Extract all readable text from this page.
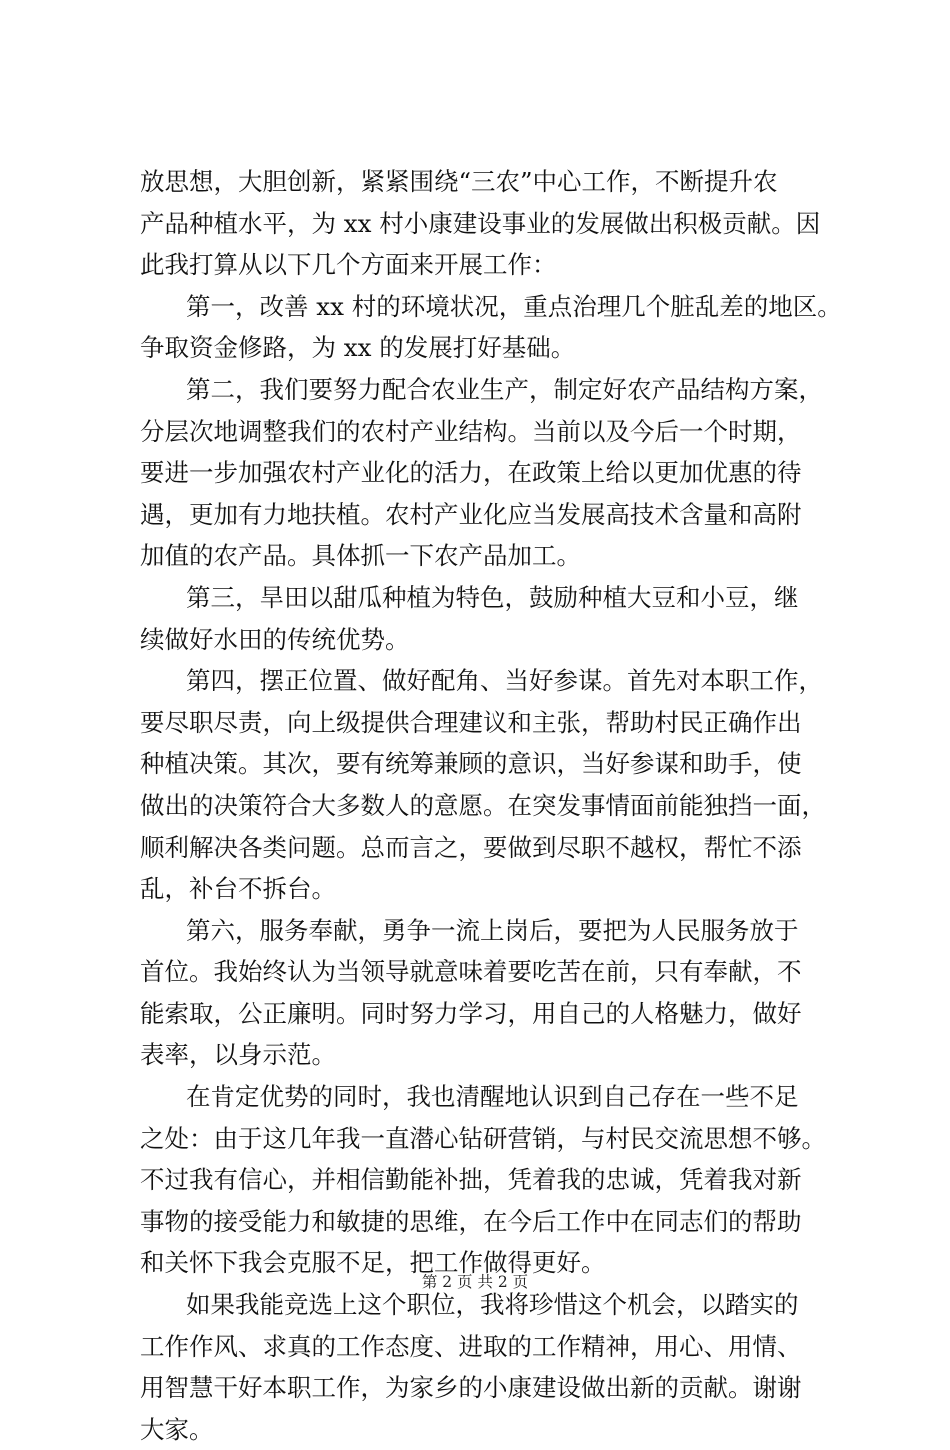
放思想，大胆创新，紧紧围绕“三农”中心工作，不断提升农
产品种植水平，为 xx 村小康建设事业的发展做出积极贡献。因
此我打算从以下几个方面来开展工作：
第一，改善 xx 村的环境状况，重点治理几个脏乱差的地区。
争取资金修路，为 xx 的发展打好基础。
第二，我们要努力配合农业生产，制定好农产品结构方案，
分层次地调整我们的农村产业结构。当前以及今后一个时期，
要进一步加强农村产业化的活力，在政策上给以更加优惠的待
遇，更加有力地扶植。农村产业化应当发展高技术含量和高附
加值的农产品。具体抓一下农产品加工。
第三，旱田以甜瓜种植为特色，鼓励种植大豆和小豆，继
续做好水田的传统优势。
第四，摆正位置、做好配角、当好参谋。首先对本职工作，
要尽职尽责，向上级提供合理建议和主张，帮助村民正确作出
种植决策。其次，要有统筹兼顾的意识，当好参谋和助手，使
做出的决策符合大多数人的意愿。在突发事情面前能独挡一面，
顺利解决各类问题。总而言之，要做到尽职不越权，帮忙不添
乱，补台不拆台。
第六，服务奉献，勇争一流上岗后，要把为人民服务放于
首位。我始终认为当领导就意味着要吃苦在前，只有奉献，不
能索取，公正廉明。同时努力学习，用自己的人格魅力，做好
表率，以身示范。
在肯定优势的同时，我也清醒地认识到自己存在一些不足
之处：由于这几年我一直潜心钻研营销，与村民交流思想不够。
不过我有信心，并相信勤能补拙，凭着我的忠诚，凭着我对新
事物的接受能力和敏捷的思维，在今后工作中在同志们的帮助
和关怀下我会克服不足，把工作做得更好。
如果我能竞选上这个职位，我将珍惜这个机会，以踏实的
工作作风、求真的工作态度、进取的工作精神，用心、用情、
用智慧干好本职工作，为家乡的小康建设做出新的贡献。谢谢
大家。
第 2 页 共 2 页
